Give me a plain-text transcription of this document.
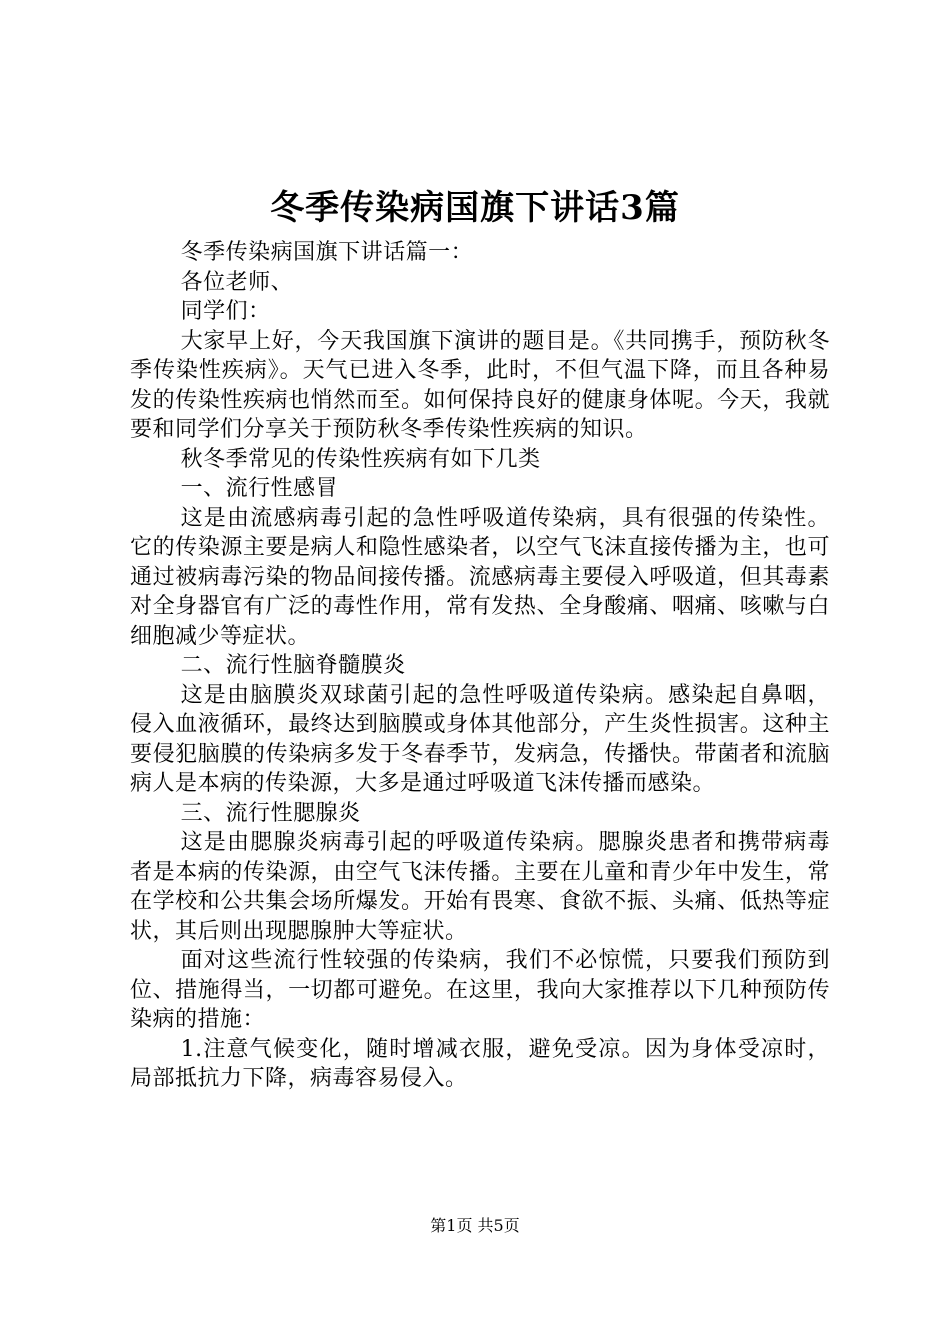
冬季传染病国旗下讲话3篇

冬季传染病国旗下讲话篇一：

各位老师、

同学们：

大家早上好，今天我国旗下演讲的题目是。《共同携手，预防秋冬季传染性疾病》。天气已进入冬季，此时，不但气温下降，而且各种易发的传染性疾病也悄然而至。如何保持良好的健康身体呢。今天，我就要和同学们分享关于预防秋冬季传染性疾病的知识。

秋冬季常见的传染性疾病有如下几类

一、流行性感冒

这是由流感病毒引起的急性呼吸道传染病，具有很强的传染性。它的传染源主要是病人和隐性感染者，以空气飞沫直接传播为主，也可通过被病毒污染的物品间接传播。流感病毒主要侵入呼吸道，但其毒素对全身器官有广泛的毒性作用，常有发热、全身酸痛、咽痛、咳嗽与白细胞减少等症状。

二、流行性脑脊髓膜炎

这是由脑膜炎双球菌引起的急性呼吸道传染病。感染起自鼻咽，侵入血液循环，最终达到脑膜或身体其他部分，产生炎性损害。这种主要侵犯脑膜的传染病多发于冬春季节，发病急，传播快。带菌者和流脑病人是本病的传染源，大多是通过呼吸道飞沫传播而感染。

三、流行性腮腺炎

这是由腮腺炎病毒引起的呼吸道传染病。腮腺炎患者和携带病毒者是本病的传染源，由空气飞沫传播。主要在儿童和青少年中发生，常在学校和公共集会场所爆发。开始有畏寒、食欲不振、头痛、低热等症状，其后则出现腮腺肿大等症状。

面对这些流行性较强的传染病，我们不必惊慌，只要我们预防到位、措施得当，一切都可避免。在这里，我向大家推荐以下几种预防传染病的措施：

1.注意气候变化，随时增减衣服，避免受凉。因为身体受凉时，局部抵抗力下降，病毒容易侵入。

第1页 共5页
